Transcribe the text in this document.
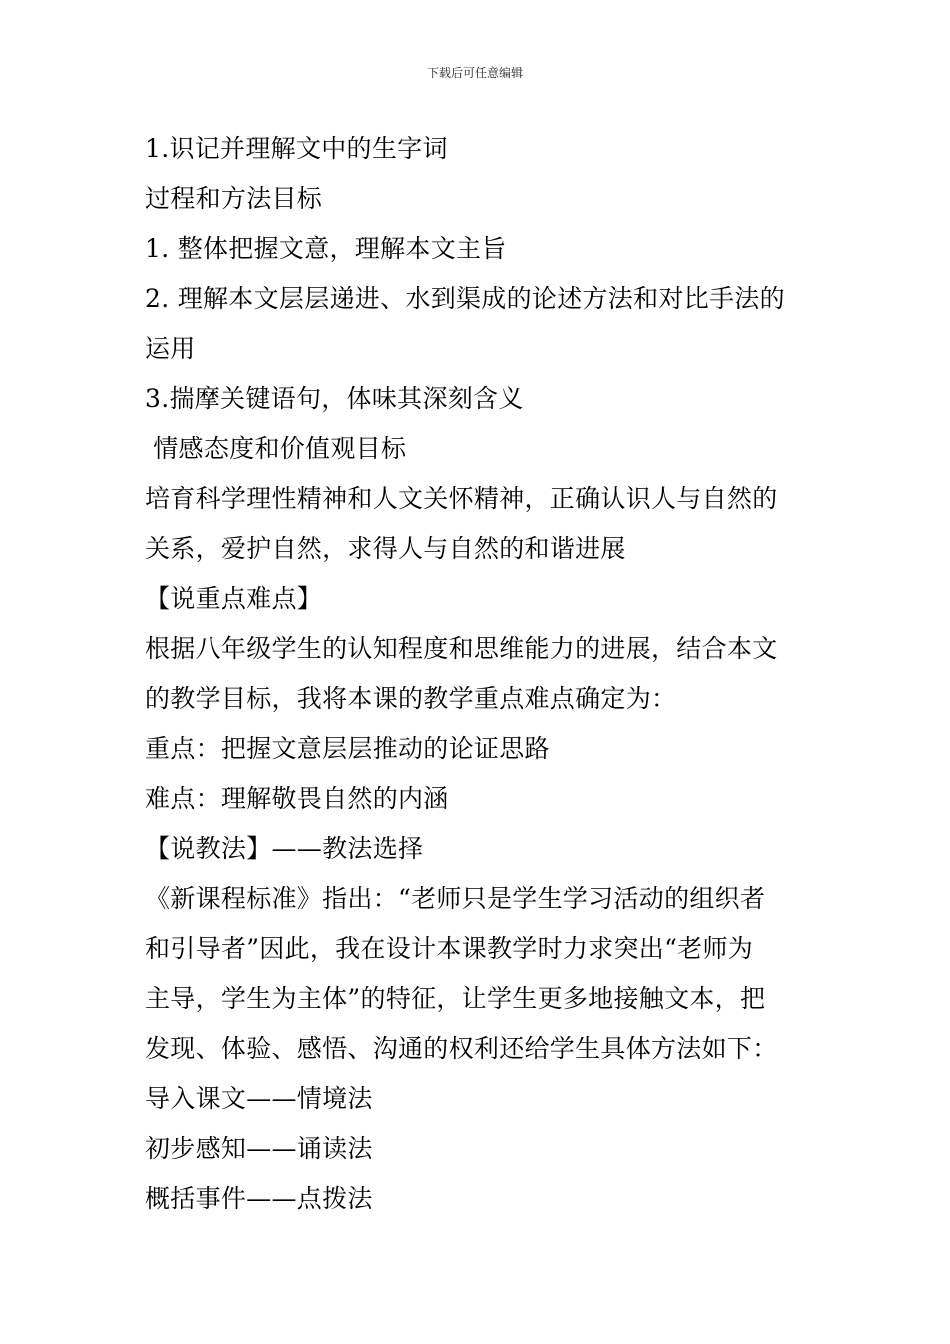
下载后可任意编辑
1.识记并理解文中的生字词
过程和方法目标
1. 整体把握文意，理解本文主旨
2. 理解本文层层递进、水到渠成的论述方法和对比手法的
运用
3.揣摩关键语句，体味其深刻含义
情感态度和价值观目标
培育科学理性精神和人文关怀精神，正确认识人与自然的
关系，爱护自然，求得人与自然的和谐进展
【说重点难点】
根据八年级学生的认知程度和思维能力的进展，结合本文
的教学目标，我将本课的教学重点难点确定为：
重点：把握文意层层推动的论证思路
难点：理解敬畏自然的内涵
【说教法】——教法选择
《新课程标准》指出：“老师只是学生学习活动的组织者
和引导者”因此，我在设计本课教学时力求突出“老师为
主导，学生为主体”的特征，让学生更多地接触文本，把
发现、体验、感悟、沟通的权利还给学生具体方法如下：
导入课文——情境法
初步感知——诵读法
概括事件——点拨法
